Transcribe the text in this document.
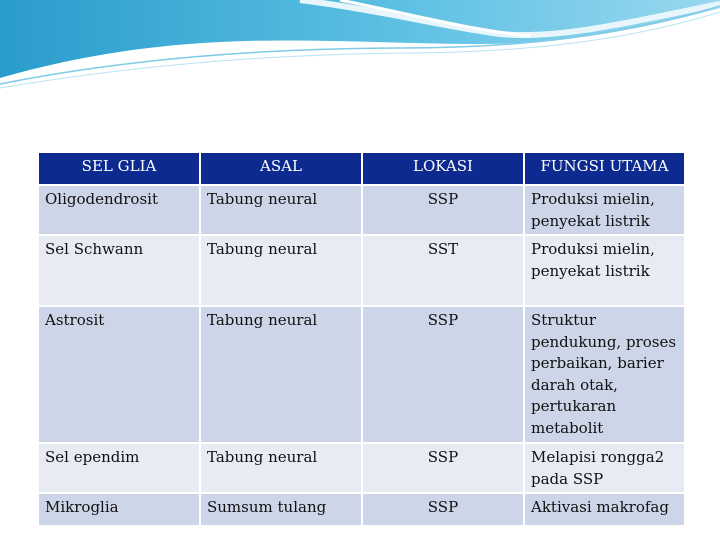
SEL GLIA	ASAL	LOKASI	FUNGSI UTAMA
Oligodendrosit	Tabung neural	SSP	Produksi mielin, penyekat listrik
Sel Schwann	Tabung neural	SST	Produksi mielin, penyekat listrik
Astrosit	Tabung neural	SSP	Struktur pendukung, proses perbaikan, barier darah otak, pertukaran metabolit
Sel ependim	Tabung neural	SSP	Melapisi rongga2 pada SSP
Mikroglia	Sumsum tulang	SSP	Aktivasi makrofag
